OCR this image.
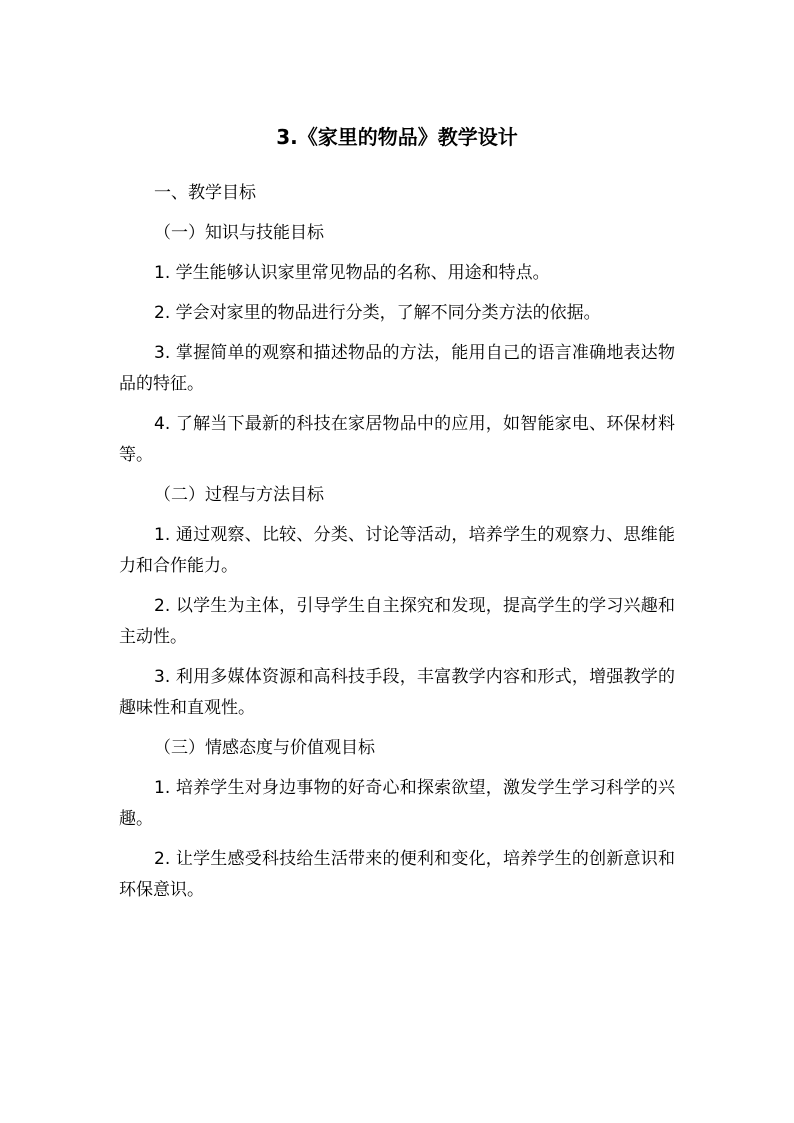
3.《家里的物品》教学设计

一、教学目标

（一）知识与技能目标

1. 学生能够认识家里常见物品的名称、用途和特点。

2. 学会对家里的物品进行分类，了解不同分类方法的依据。

3. 掌握简单的观察和描述物品的方法，能用自己的语言准确地表达物品的特征。

4. 了解当下最新的科技在家居物品中的应用，如智能家电、环保材料等。

（二）过程与方法目标

1. 通过观察、比较、分类、讨论等活动，培养学生的观察力、思维能力和合作能力。

2. 以学生为主体，引导学生自主探究和发现，提高学生的学习兴趣和主动性。

3. 利用多媒体资源和高科技手段，丰富教学内容和形式，增强教学的趣味性和直观性。

（三）情感态度与价值观目标

1. 培养学生对身边事物的好奇心和探索欲望，激发学生学习科学的兴趣。

2. 让学生感受科技给生活带来的便利和变化，培养学生的创新意识和环保意识。
